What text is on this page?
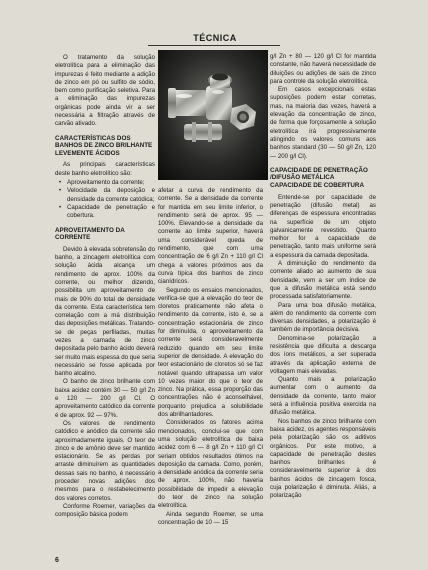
TÉCNICA

O tratamento da solução eletrolítica para a eliminação das impurezas é feito mediante a adição de zinco em pó ou sulfito de sódio, bem como purificação seletiva. Para a eliminação das impurezas orgânicas pode ainda vir a ser necessária a filtração através de carvão ativado.

CARACTERÍSTICAS DOS BANHOS DE ZINCO BRILHANTE LEVEMENTE ÁCIDOS

As principais características deste banho eletrolítico são:

• Aproveitamento da corrente;
• Velocidade da deposição e densidade da corrente catódica;
• Capacidade de penetração e cobertura.
APROVEITAMENTO DA CORRENTE

Devido à elevada sobretensão do banho, a zincagem eletrolítica com solução ácida alcança um rendimento de aprox. 100% da corrente, ou melhor dizendo, possibilita um aproveitamento de mais de 90% do total de densidade da corrente. Esta característica tem correlação com a má distribuição das deposições metálicas. Tratando-se de peças perfiladas, muitas vezes a camada de zinco depositada pelo banho ácido deverá ser muito mais espessa do que seria necessário se fosse aplicada por banho alcalino.

O banho de zinco brilhante com baixa acidez contém 30 — 50 g/l Zn e 120 — 200 g/l Cl. O aproveitamento catódico da corrente é de aprox. 92 — 97%.

Os valores de rendimento catódico e anódico da corrente são aproximadamente iguais. O teor de zinco e de amônio deve ser mantido estacionário. Se as perdas por arraste diminuírem as quantidades dessas sais no banho, é necessário proceder novas adições dos mesmos para o restabelecimento dos valores corretos.

Conforme Roemer, variações da composição básica podem

afetar a curva de rendimento da corrente. Se a densidade da corrente for mantida em seu limite inferior, o rendimento será de aprox. 95 — 100%. Elevando-se a densidade da corrente ao limite superior, haverá uma considerável queda de rendimento, que com uma concentração de 6 g/l Zn + 110 g/l Cl chega a valores próximos aos da curva típica dos banhos de zinco cianídricos.

Segundo os ensaios mencionados, verifica-se que a elevação do teor de cloretos praticamente não afeta o rendimento da corrente, isto é, se a concentração estacionária de zinco for diminuída, o aproveitamento da corrente será consideravelmente reduzido quando em seu limite superior de densidade. A elevação do teor estacionário de cloretos só se faz notável quando ultrapassa um valor 10 vezes maior do que o teor de zinco. Na prática, essa proporção das concentrações não é aconselhável, porquanto prejudica a solubilidade dos abrilhantadores.

Considerados os fatores acima mencionados, conclui-se que com uma solução eletrolítica de baixa acidez com 6 — 8 g/l Zn + 110 g/l Cl seriam obtidos resultados ótimos na deposição da camada. Como, porém, a densidade anódica da corrente seria de aprox. 100%, não haveria possibilidade de impedir a elevação do teor de zinco na solução eletrolítica.

Ainda segundo Roemer, se uma concentração de 10 — 15

g/l Zn + 80 — 120 g/l Cl for mantida constante, não haverá necessidade de diluições ou adições de sais de zinco para controle da solução eletrolítica.

Em casos excepcionais estas suposições podem estar corretas, mas, na maioria das vezes, haverá a elevação da concentração de zinco, de forma que forçosamente a solução eletrolítica irá progressivamente atingindo os valores comuns aos banhos standard (30 — 50 g/l Zn, 120 — 200 g/l Cl).

CAPACIDADE DE PENETRAÇÃO /DIFUSÃO METÁLICA CAPACIDADE DE COBERTURA

Entende-se por capacidade de penetração (difusão metal) as diferenças de espessura encontradas na superfície de um objeto galvanicamente revestido. Quanto melhor for a capacidade de penetração, tanto mais uniforme será a espessura da camada depositada.

A diminuição do rendimento da corrente aliado ao aumento de sua densidade, vem a ser um índice de que a difusão metálica está sendo processada satisfatoriamente.

Para uma boa difusão metálica, além do rendimento da corrente com diversas densidades, a polarização é também de importância decisiva.

Denomina-se polarização a resistência que dificulta a descarga dos íons metálicos, a ser superada através da aplicação externa de voltagem mais elevadas.

Quanto mais a polarização aumentar com o aumento da densidade da corrente, tanto maior será a influência positiva exercida na difusão metálica.

Nos banhos de zinco brilhante com baixa acidez, os agentes responsáveis pela polarização são os aditivos orgânicos. Por este motivo, a capacidade de penetração destes banhos brilhantes é consideravelmente superior à dos banhos ácidos de zincagem fosca, cuja polarização é diminuta. Aliás, a polarização

6
